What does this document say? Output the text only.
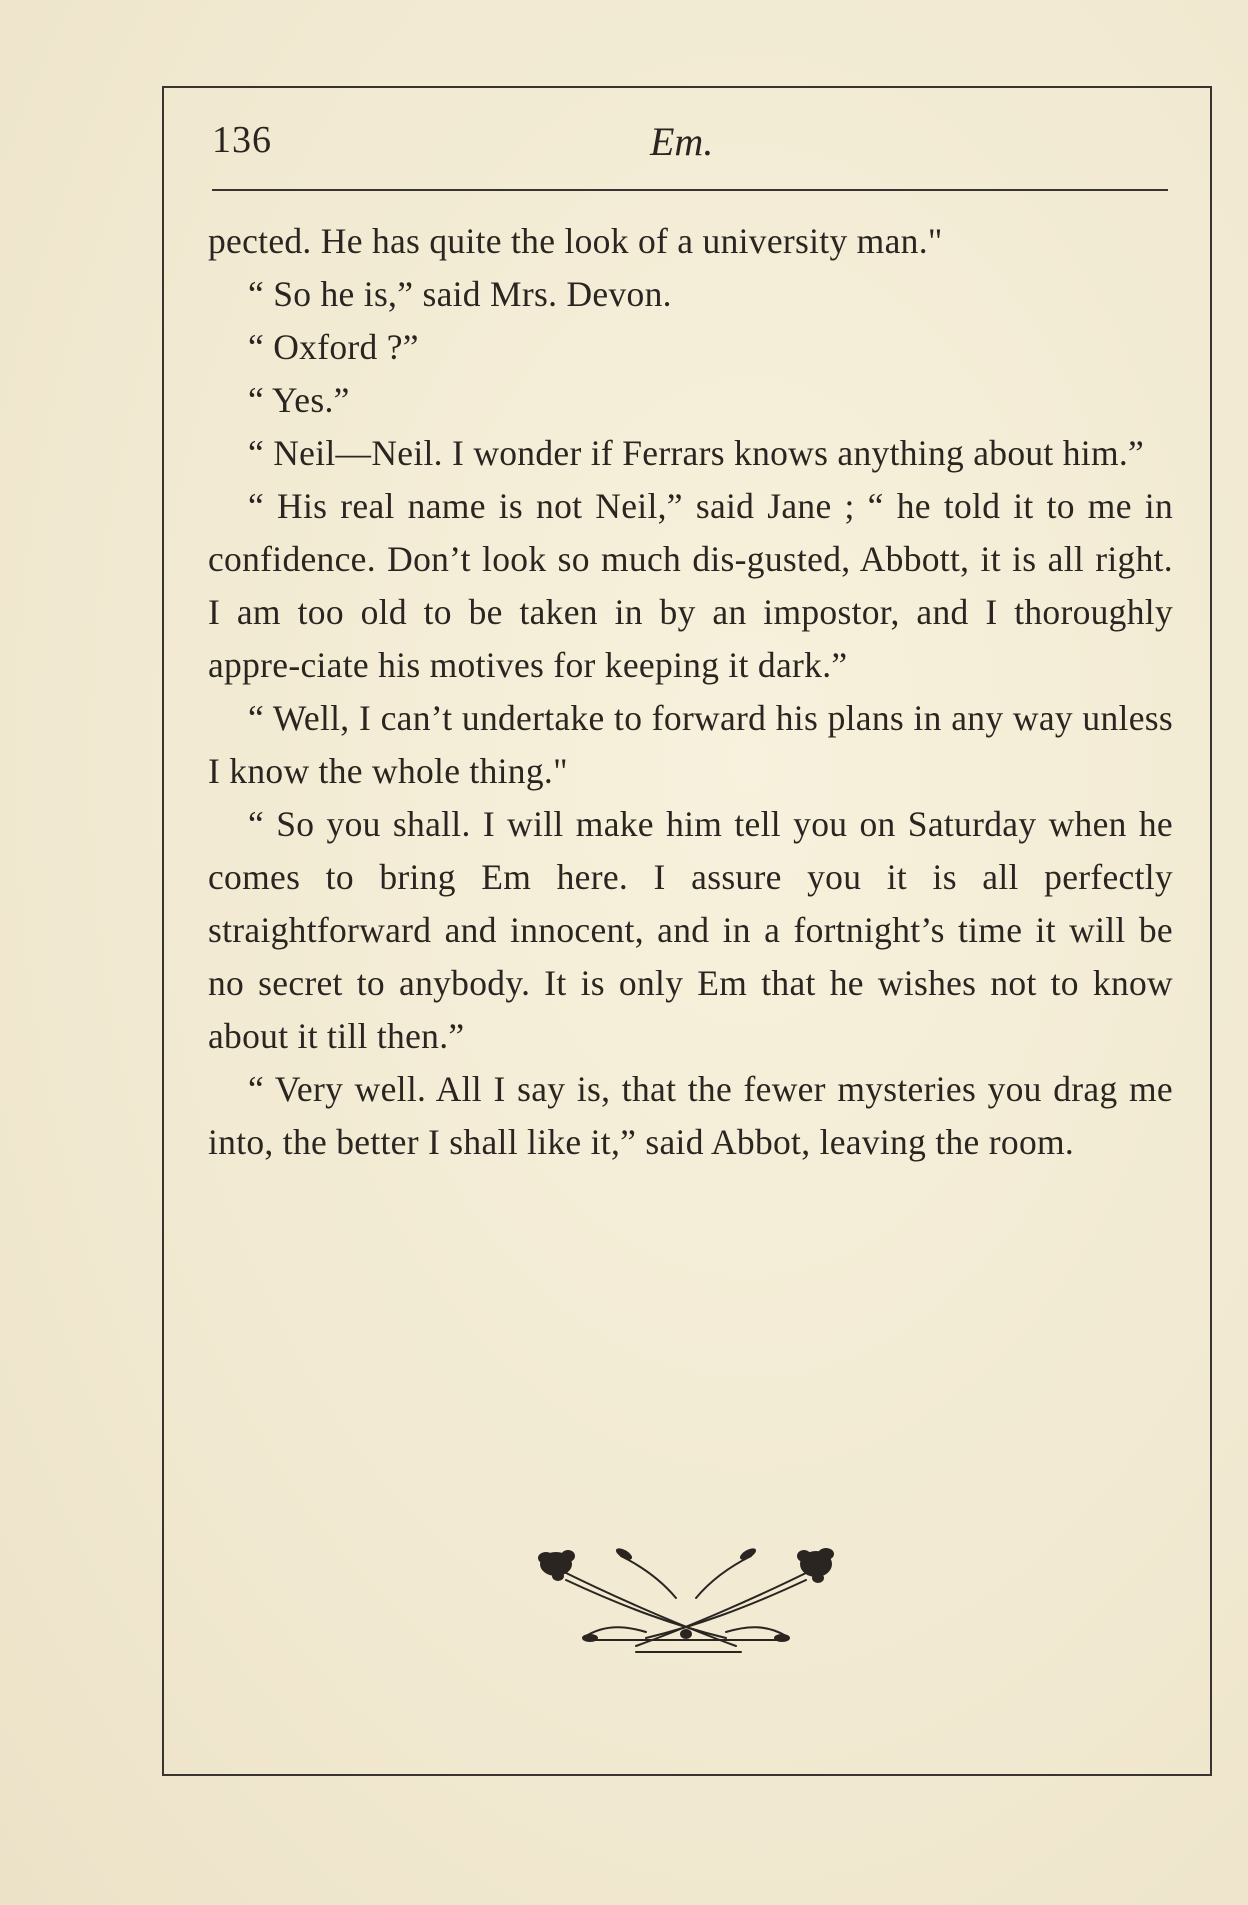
136	Em.

pected. He has quite the look of a university man."

“ So he is,” said Mrs. Devon.

“ Oxford ?”

“ Yes.”

“ Neil—Neil. I wonder if Ferrars knows anything about him.”

“ His real name is not Neil,” said Jane ; “ he told it to me in confidence. Don’t look so much dis-gusted, Abbott, it is all right. I am too old to be taken in by an impostor, and I thoroughly appre-ciate his motives for keeping it dark.”

“ Well, I can’t undertake to forward his plans in any way unless I know the whole thing."

“ So you shall. I will make him tell you on Saturday when he comes to bring Em here. I assure you it is all perfectly straightforward and innocent, and in a fortnight’s time it will be no secret to anybody. It is only Em that he wishes not to know about it till then.”

“ Very well. All I say is, that the fewer mysteries you drag me into, the better I shall like it,” said Abbot, leaving the room.
